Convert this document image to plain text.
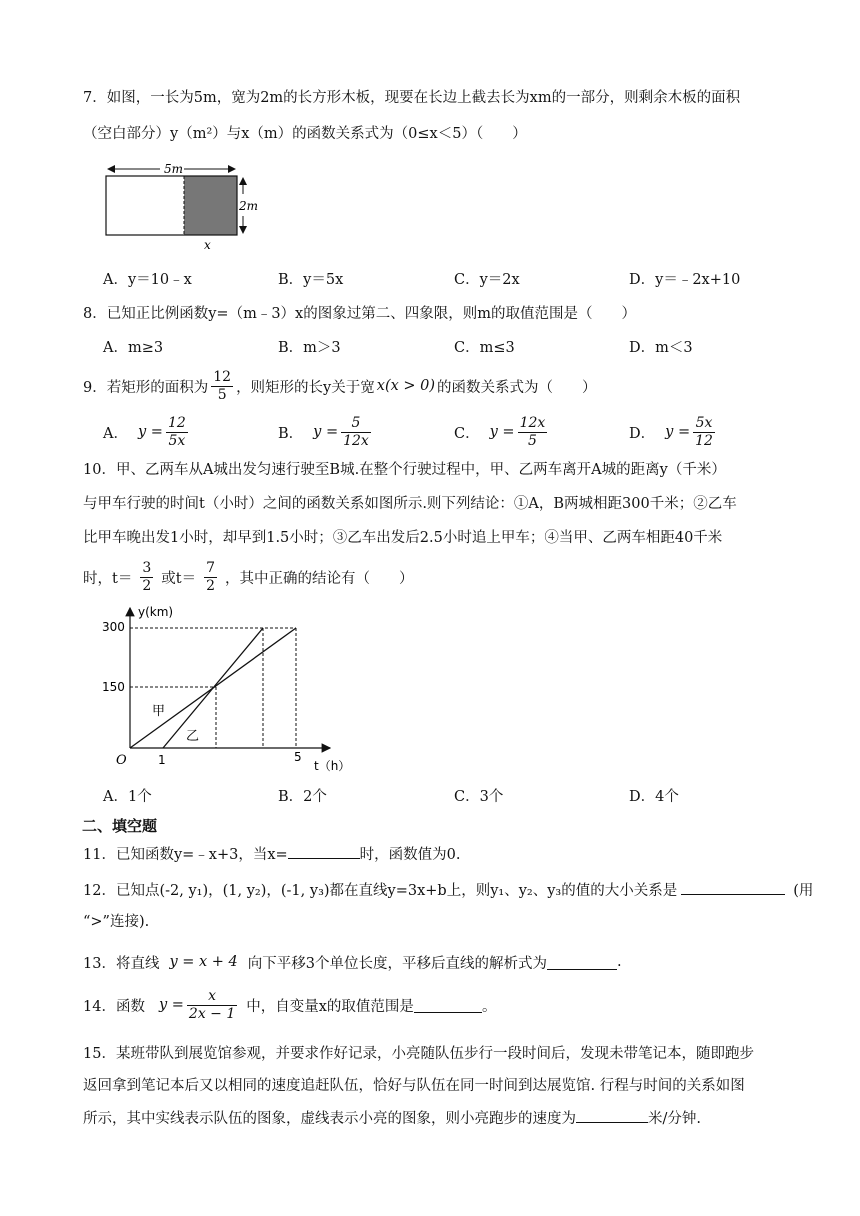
7．如图，一长为5m，宽为2m的长方形木板，现要在长边上截去长为xm的一部分，则剩余木板的面积
（空白部分）y（m²）与x（m）的函数关系式为（0≤x＜5）（　　）
5m
2m
x
A．y＝10﹣x	B．y＝5x	C．y＝2x	D．y＝﹣2x+10
8．已知正比例函数y=（m﹣3）x的图象过第二、四象限，则m的取值范围是（　　）
A．m≥3	B．m＞3	C．m≤3	D．m＜3
9．若矩形的面积为 $\frac{12}{5}$ ，则矩形的长y关于宽 x(x > 0) 的函数关系式为（　　）
A． $y = \frac{12}{5x}$	B． $y = \frac{5}{12x}$	C． $y = \frac{12x}{5}$	D． $y = \frac{5x}{12}$
10．甲、乙两车从A城出发匀速行驶至B城.在整个行驶过程中，甲、乙两车离开A城的距离y（千米）
与甲车行驶的时间t（小时）之间的函数关系如图所示.则下列结论：①A，B两城相距300千米；②乙车
比甲车晚出发1小时，却早到1.5小时；③乙车出发后2.5小时追上甲车；④当甲、乙两车相距40千米
时，$t= \frac{3}{2}$ 或$t= \frac{7}{2}$ ，其中正确的结论有（　　）
y(km)
t（h）
O
300
150
1	5
甲
乙
A．1个	B．2个	C．3个	D．4个
二、填空题
11．已知函数y=﹣x+3，当x=	时，函数值为0.
12．已知点(-2, y₁)，(1, y₂)，(-1, y₃)都在直线y=3x+b上，则y₁、y₂、y₃的值的大小关系是	(用
“>”连接).
13．将直线 y = x + 4 向下平移3个单位长度，平移后直线的解析式为	.
14．函数 $y = \frac{x}{2x - 1}$ 中，自变量x的取值范围是	。
15．某班带队到展览馆参观，并要求作好记录，小亮随队伍步行一段时间后，发现未带笔记本，随即跑步
返回拿到笔记本后又以相同的速度追赶队伍，恰好与队伍在同一时间到达展览馆. 行程与时间的关系如图
所示，其中实线表示队伍的图象，虚线表示小亮的图象，则小亮跑步的速度为	米/分钟.
